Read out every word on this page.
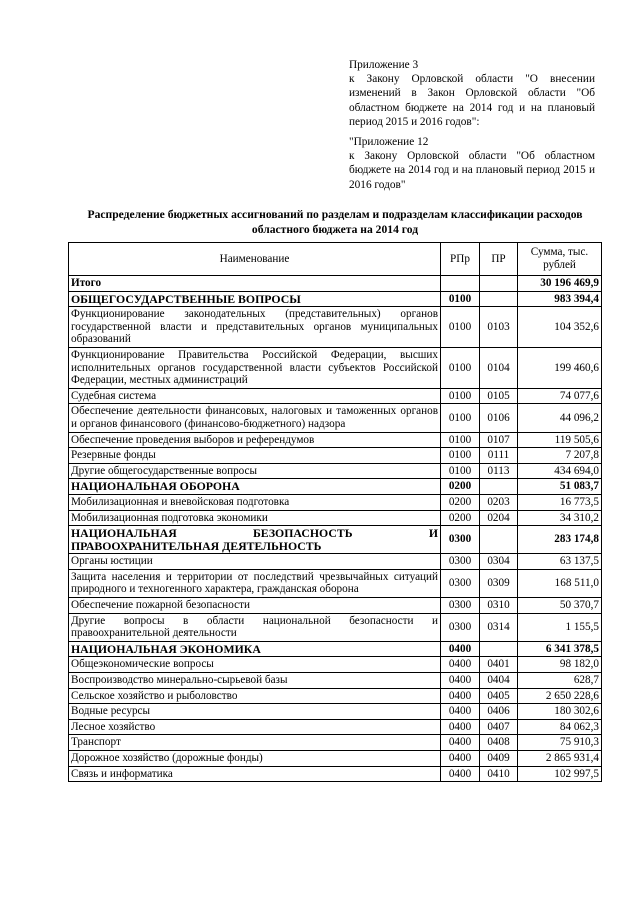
Приложение 3

к Закону Орловской области "О внесении изменений в Закон Орловской области "Об областном бюджете на 2014 год и на плановый период 2015 и 2016 годов":

"Приложение 12

к Закону Орловской области "Об областном бюджете на 2014 год и на плановый период 2015 и 2016 годов"

Распределение бюджетных ассигнований по разделам и подразделам классификации расходов областного бюджета на 2014 год
Наименование	РПр	ПР	Сумма, тыс. рублей
Итого			30 196 469,9
ОБЩЕГОСУДАРСТВЕННЫЕ ВОПРОСЫ	0100		983 394,4
Функционирование законодательных (представительных) органов государственной власти и представительных органов муниципальных образований	0100	0103	104 352,6
Функционирование Правительства Российской Федерации, высших исполнительных органов государственной власти субъектов Российской Федерации, местных администраций	0100	0104	199 460,6
Судебная система	0100	0105	74 077,6
Обеспечение деятельности финансовых, налоговых и таможенных органов и органов финансового (финансово-бюджетного) надзора	0100	0106	44 096,2
Обеспечение проведения выборов и референдумов	0100	0107	119 505,6
Резервные фонды	0100	0111	7 207,8
Другие общегосударственные вопросы	0100	0113	434 694,0
НАЦИОНАЛЬНАЯ ОБОРОНА	0200		51 083,7
Мобилизационная и вневойсковая подготовка	0200	0203	16 773,5
Мобилизационная подготовка экономики	0200	0204	34 310,2
НАЦИОНАЛЬНАЯ БЕЗОПАСНОСТЬ И ПРАВООХРАНИТЕЛЬНАЯ ДЕЯТЕЛЬНОСТЬ	0300		283 174,8
Органы юстиции	0300	0304	63 137,5
Защита населения и территории от последствий чрезвычайных ситуаций природного и техногенного характера, гражданская оборона	0300	0309	168 511,0
Обеспечение пожарной безопасности	0300	0310	50 370,7
Другие вопросы в области национальной безопасности и правоохранительной деятельности	0300	0314	1 155,5
НАЦИОНАЛЬНАЯ ЭКОНОМИКА	0400		6 341 378,5
Общеэкономические вопросы	0400	0401	98 182,0
Воспроизводство минерально-сырьевой базы	0400	0404	628,7
Сельское хозяйство и рыболовство	0400	0405	2 650 228,6
Водные ресурсы	0400	0406	180 302,6
Лесное хозяйство	0400	0407	84 062,3
Транспорт	0400	0408	75 910,3
Дорожное хозяйство (дорожные фонды)	0400	0409	2 865 931,4
Связь и информатика	0400	0410	102 997,5
